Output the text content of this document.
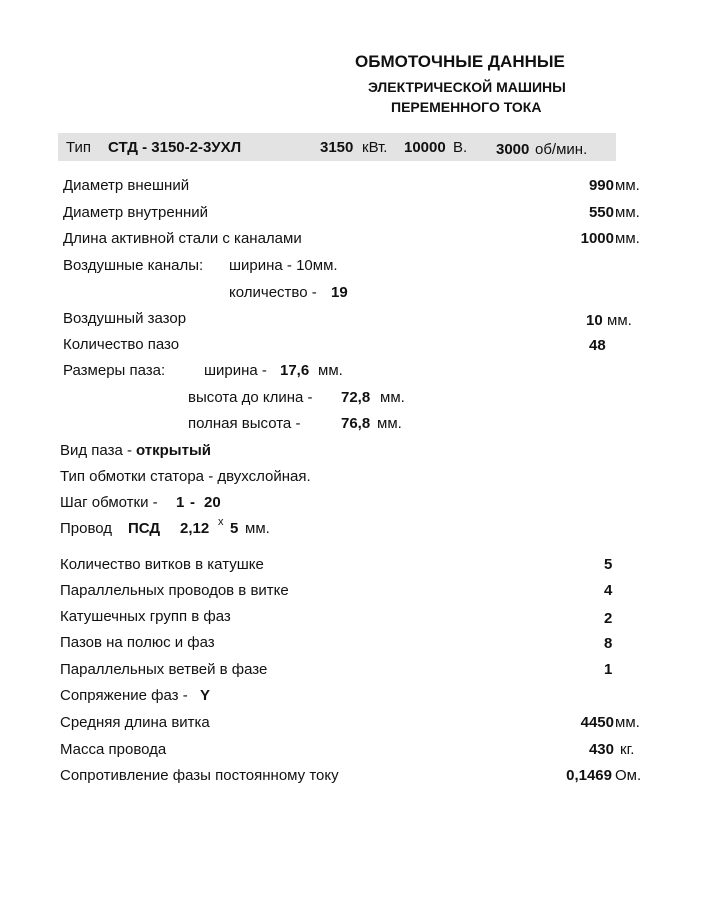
ОБМОТОЧНЫЕ ДАННЫЕ
ЭЛЕКТРИЧЕСКОЙ МАШИНЫ
ПЕРЕМЕННОГО ТОКА
Тип СТД - 3150-2-3УХЛ	3150 кВт. 10000 В. 3000 об/мин.
Диаметр внешний	990 мм.
Диаметр внутренний	550 мм.
Длина активной стали с каналами	1000 мм.
Воздушные каналы: ширина - 10мм.
количество - 19
Воздушный зазор	10 мм.
Количество пазо	48
Размеры паза:	ширина - 17,6 мм.
высота до клина - 72,8 мм.
полная высота -	76,8 мм.
Вид паза - открытый
Тип обмотки статора - двухслойная.
Шаг обмотки - 1 - 20
Провод ПСД 2,12 x 5 мм.
Количество витков в катушке	5
Параллельных проводов в витке	4
Катушечных групп в фаз	2
Пазов на полюс и фаз	8
Параллельных ветвей в фазе	1
Сопряжение фаз - Y
Средняя длина витка	4450 мм.
Масса провода	430 кг.
Сопротивление фазы постоянному току	0,1469 Ом.
